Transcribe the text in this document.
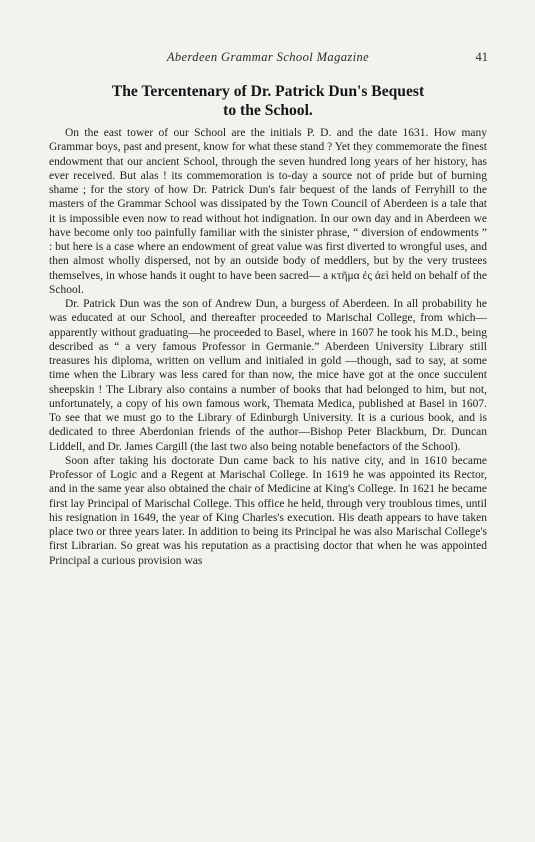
Aberdeen Grammar School Magazine	41
The Tercentenary of Dr. Patrick Dun's Bequest
to the School.

On the east tower of our School are the initials P. D. and the date 1631. How many Grammar boys, past and present, know for what these stand ? Yet they commemorate the finest endowment that our ancient School, through the seven hundred long years of her history, has ever received. But alas ! its commemoration is to-day a source not of pride but of burning shame ; for the story of how Dr. Patrick Dun's fair bequest of the lands of Ferryhill to the masters of the Grammar School was dissipated by the Town Council of Aberdeen is a tale that it is impossible even now to read without hot indignation. In our own day and in Aberdeen we have become only too painfully familiar with the sinister phrase, “ diversion of endowments ” : but here is a case where an endowment of great value was first diverted to wrongful uses, and then almost wholly dispersed, not by an outside body of meddlers, but by the very trustees themselves, in whose hands it ought to have been sacred— a κτῆμα ἐς ἀεὶ held on behalf of the School.

Dr. Patrick Dun was the son of Andrew Dun, a burgess of Aberdeen. In all probability he was educated at our School, and thereafter proceeded to Marischal College, from which— apparently without graduating—he proceeded to Basel, where in 1607 he took his M.D., being described as “ a very famous Professor in Germanie.” Aberdeen University Library still treasures his diploma, written on vellum and initialed in gold —though, sad to say, at some time when the Library was less cared for than now, the mice have got at the once succulent sheepskin ! The Library also contains a number of books that had belonged to him, but not, unfortunately, a copy of his own famous work, Themata Medica, published at Basel in 1607. To see that we must go to the Library of Edinburgh University. It is a curious book, and is dedicated to three Aberdonian friends of the author—Bishop Peter Blackburn, Dr. Duncan Liddell, and Dr. James Cargill (the last two also being notable benefactors of the School).

Soon after taking his doctorate Dun came back to his native city, and in 1610 became Professor of Logic and a Regent at Marischal College. In 1619 he was appointed its Rector, and in the same year also obtained the chair of Medicine at King's College. In 1621 he became first lay Principal of Marischal College. This office he held, through very troublous times, until his resignation in 1649, the year of King Charles's execution. His death appears to have taken place two or three years later. In addition to being its Principal he was also Marischal College's first Librarian. So great was his reputation as a practising doctor that when he was appointed Principal a curious provision was
